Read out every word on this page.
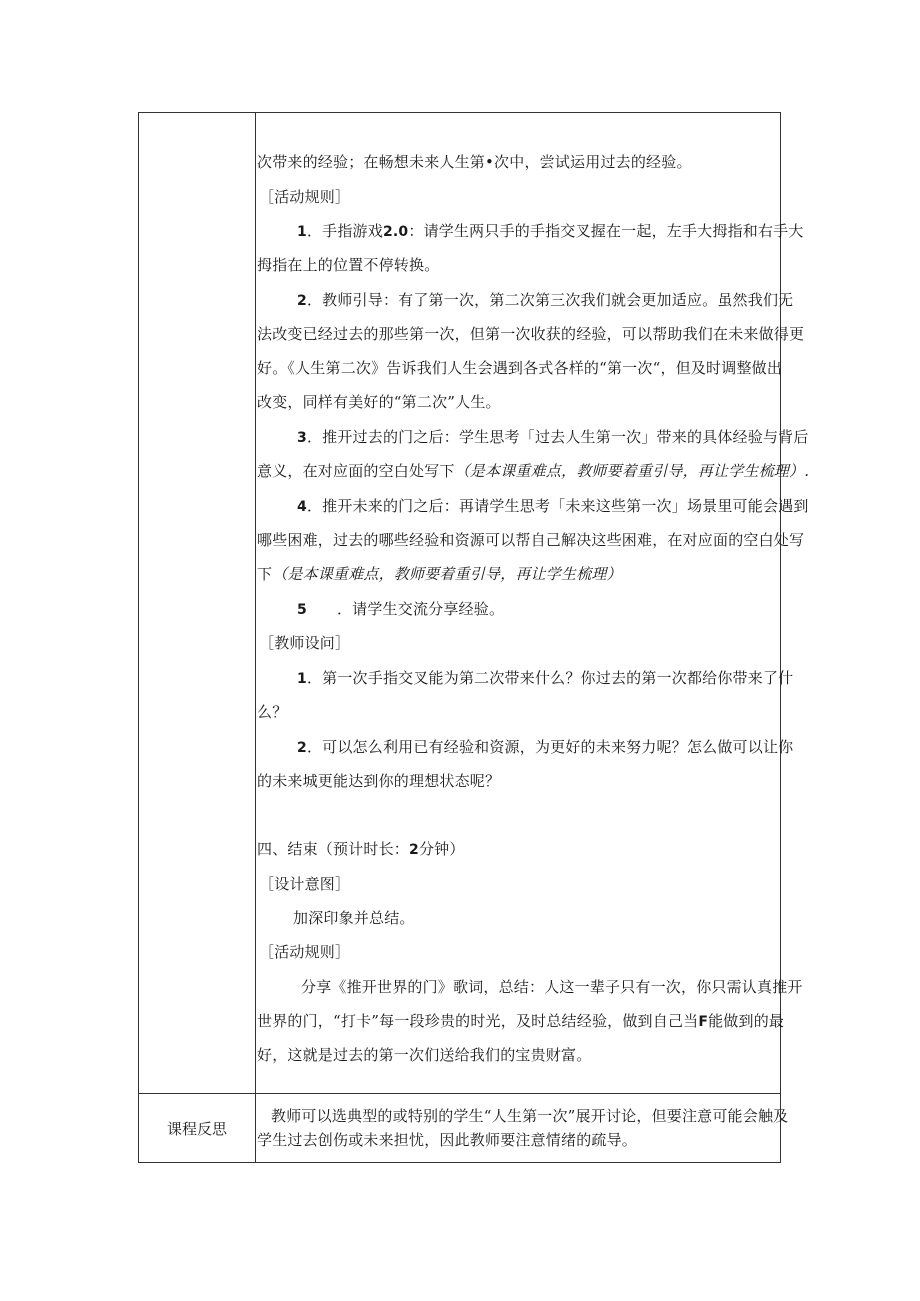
次带来的经验；在畅想未来人生第•次中，尝试运用过去的经验。
［活动规则］
1．手指游戏2.0：请学生两只手的手指交叉握在一起，左手大拇指和右手大
拇指在上的位置不停转换。
2．教师引导：有了第一次，第二次第三次我们就会更加适应。虽然我们无
法改变已经过去的那些第一次，但第一次收获的经验，可以帮助我们在未来做得更
好。《人生第二次》告诉我们人生会遇到各式各样的“第一次“，但及时调整做出
改变，同样有美好的“第二次”人生。
3．推开过去的门之后：学生思考「过去人生第一次」带来的具体经验与背后
意义，在对应面的空白处写下（是本课重难点，教师要着重引导，再让学生梳理）.
4．推开未来的门之后：再请学生思考「未来这些第一次」场景里可能会遇到
哪些困难，过去的哪些经验和资源可以帮自己解决这些困难，在对应面的空白处写
下（是本课重难点，教师要着重引导，再让学生梳理）
5 ．请学生交流分享经验。
［教师设问］
1．第一次手指交叉能为第二次带来什么？你过去的第一次都给你带来了什
么？
2．可以怎么利用已有经验和资源，为更好的未来努力呢？怎么做可以让你
的未来城更能达到你的理想状态呢？
四、结束（预计时长：2分钟）
［设计意图］
加深印象并总结。
［活动规则］
分享《推开世界的门》歌词，总结：人这一辈子只有一次，你只需认真推开
世界的门，“打卡”每一段珍贵的时光，及时总结经验，做到自己当F能做到的最
好，这就是过去的第一次们送给我们的宝贵财富。
课程反思
教师可以选典型的或特别的学生“人生第一次”展开讨论，但要注意可能会触及
学生过去创伤或未来担忧，因此教师要注意情绪的疏导。
